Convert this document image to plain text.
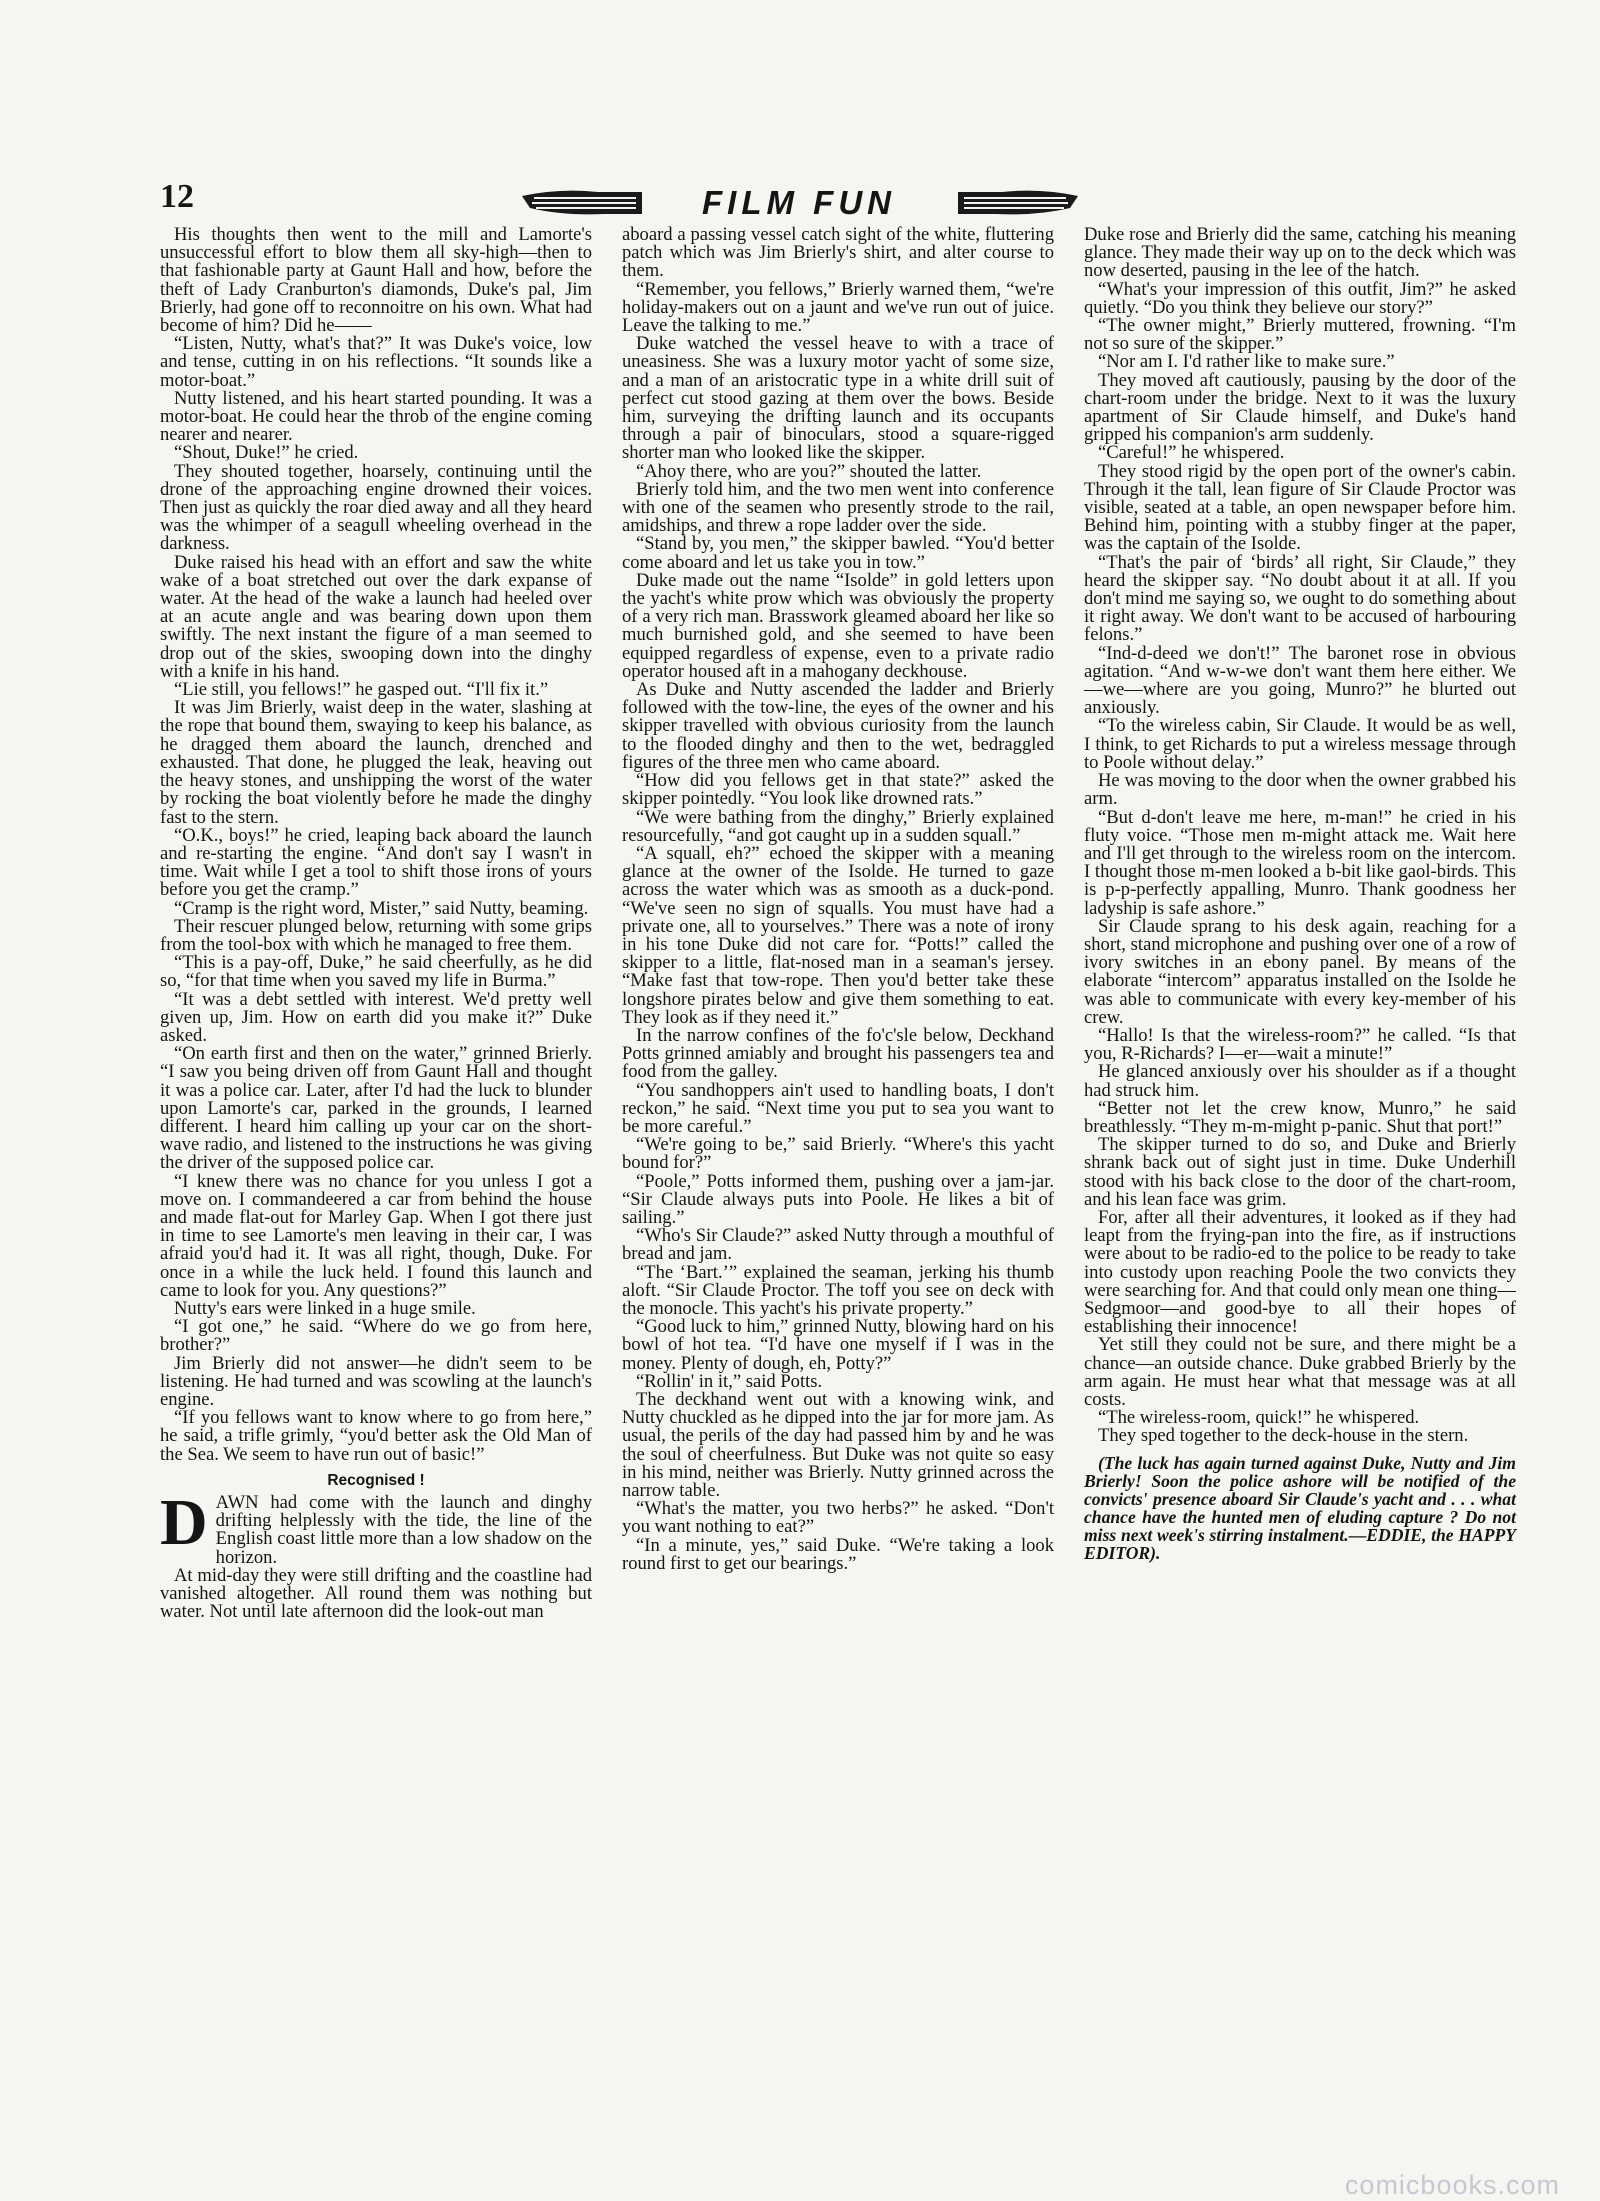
12	FILM FUN

His thoughts then went to the mill and Lamorte's unsuccessful effort to blow them all sky-high—then to that fashionable party at Gaunt Hall and how, before the theft of Lady Cranburton's diamonds, Duke's pal, Jim Brierly, had gone off to reconnoitre on his own. What had become of him? Did he——

“Listen, Nutty, what's that?” It was Duke's voice, low and tense, cutting in on his reflections. “It sounds like a motor-boat.”

Nutty listened, and his heart started pounding. It was a motor-boat. He could hear the throb of the engine coming nearer and nearer.

“Shout, Duke!” he cried.

They shouted together, hoarsely, continuing until the drone of the approaching engine drowned their voices. Then just as quickly the roar died away and all they heard was the whimper of a seagull wheeling overhead in the darkness.

Duke raised his head with an effort and saw the white wake of a boat stretched out over the dark expanse of water. At the head of the wake a launch had heeled over at an acute angle and was bearing down upon them swiftly. The next instant the figure of a man seemed to drop out of the skies, swooping down into the dinghy with a knife in his hand.

“Lie still, you fellows!” he gasped out. “I'll fix it.”

It was Jim Brierly, waist deep in the water, slashing at the rope that bound them, swaying to keep his balance, as he dragged them aboard the launch, drenched and exhausted. That done, he plugged the leak, heaving out the heavy stones, and unshipping the worst of the water by rocking the boat violently before he made the dinghy fast to the stern.

“O.K., boys!” he cried, leaping back aboard the launch and re-starting the engine. “And don't say I wasn't in time. Wait while I get a tool to shift those irons of yours before you get the cramp.”

“Cramp is the right word, Mister,” said Nutty, beaming.

Their rescuer plunged below, returning with some grips from the tool-box with which he managed to free them.

“This is a pay-off, Duke,” he said cheerfully, as he did so, “for that time when you saved my life in Burma.”

“It was a debt settled with interest. We'd pretty well given up, Jim. How on earth did you make it?” Duke asked.

“On earth first and then on the water,” grinned Brierly. “I saw you being driven off from Gaunt Hall and thought it was a police car. Later, after I'd had the luck to blunder upon Lamorte's car, parked in the grounds, I learned different. I heard him calling up your car on the short-wave radio, and listened to the instructions he was giving the driver of the supposed police car.

“I knew there was no chance for you unless I got a move on. I commandeered a car from behind the house and made flat-out for Marley Gap. When I got there just in time to see Lamorte's men leaving in their car, I was afraid you'd had it. It was all right, though, Duke. For once in a while the luck held. I found this launch and came to look for you. Any questions?”

Nutty's ears were linked in a huge smile.

“I got one,” he said. “Where do we go from here, brother?”

Jim Brierly did not answer—he didn't seem to be listening. He had turned and was scowling at the launch's engine.

“If you fellows want to know where to go from here,” he said, a trifle grimly, “you'd better ask the Old Man of the Sea. We seem to have run out of basic!”

Recognised !

DAWN had come with the launch and dinghy drifting helplessly with the tide, the line of the English coast little more than a low shadow on the horizon.

At mid-day they were still drifting and the coastline had vanished altogether. All round them was nothing but water. Not until late afternoon did the look-out man

aboard a passing vessel catch sight of the white, fluttering patch which was Jim Brierly's shirt, and alter course to them.

“Remember, you fellows,” Brierly warned them, “we're holiday-makers out on a jaunt and we've run out of juice. Leave the talking to me.”

Duke watched the vessel heave to with a trace of uneasiness. She was a luxury motor yacht of some size, and a man of an aristocratic type in a white drill suit of perfect cut stood gazing at them over the bows. Beside him, surveying the drifting launch and its occupants through a pair of binoculars, stood a square-rigged shorter man who looked like the skipper.

“Ahoy there, who are you?” shouted the latter.

Brierly told him, and the two men went into conference with one of the seamen who presently strode to the rail, amidships, and threw a rope ladder over the side.

“Stand by, you men,” the skipper bawled. “You'd better come aboard and let us take you in tow.”

Duke made out the name “Isolde” in gold letters upon the yacht's white prow which was obviously the property of a very rich man. Brasswork gleamed aboard her like so much burnished gold, and she seemed to have been equipped regardless of expense, even to a private radio operator housed aft in a mahogany deckhouse.

As Duke and Nutty ascended the ladder and Brierly followed with the tow-line, the eyes of the owner and his skipper travelled with obvious curiosity from the launch to the flooded dinghy and then to the wet, bedraggled figures of the three men who came aboard.

“How did you fellows get in that state?” asked the skipper pointedly. “You look like drowned rats.”

“We were bathing from the dinghy,” Brierly explained resourcefully, “and got caught up in a sudden squall.”

“A squall, eh?” echoed the skipper with a meaning glance at the owner of the Isolde. He turned to gaze across the water which was as smooth as a duck-pond. “We've seen no sign of squalls. You must have had a private one, all to yourselves.” There was a note of irony in his tone Duke did not care for. “Potts!” called the skipper to a little, flat-nosed man in a seaman's jersey. “Make fast that tow-rope. Then you'd better take these longshore pirates below and give them something to eat. They look as if they need it.”

In the narrow confines of the fo'c'sle below, Deckhand Potts grinned amiably and brought his passengers tea and food from the galley.

“You sandhoppers ain't used to handling boats, I don't reckon,” he said. “Next time you put to sea you want to be more careful.”

“We're going to be,” said Brierly. “Where's this yacht bound for?”

“Poole,” Potts informed them, pushing over a jam-jar. “Sir Claude always puts into Poole. He likes a bit of sailing.”

“Who's Sir Claude?” asked Nutty through a mouthful of bread and jam.

“The ‘Bart.’” explained the seaman, jerking his thumb aloft. “Sir Claude Proctor. The toff you see on deck with the monocle. This yacht's his private property.”

“Good luck to him,” grinned Nutty, blowing hard on his bowl of hot tea. “I'd have one myself if I was in the money. Plenty of dough, eh, Potty?”

“Rollin' in it,” said Potts.

The deckhand went out with a knowing wink, and Nutty chuckled as he dipped into the jar for more jam. As usual, the perils of the day had passed him by and he was the soul of cheerfulness. But Duke was not quite so easy in his mind, neither was Brierly. Nutty grinned across the narrow table.

“What's the matter, you two herbs?” he asked. “Don't you want nothing to eat?”

“In a minute, yes,” said Duke. “We're taking a look round first to get our bearings.”

Duke rose and Brierly did the same, catching his meaning glance. They made their way up on to the deck which was now deserted, pausing in the lee of the hatch.

“What's your impression of this outfit, Jim?” he asked quietly. “Do you think they believe our story?”

“The owner might,” Brierly muttered, frowning. “I'm not so sure of the skipper.”

“Nor am I. I'd rather like to make sure.”

They moved aft cautiously, pausing by the door of the chart-room under the bridge. Next to it was the luxury apartment of Sir Claude himself, and Duke's hand gripped his companion's arm suddenly.

“Careful!” he whispered.

They stood rigid by the open port of the owner's cabin. Through it the tall, lean figure of Sir Claude Proctor was visible, seated at a table, an open newspaper before him. Behind him, pointing with a stubby finger at the paper, was the captain of the Isolde.

“That's the pair of ‘birds’ all right, Sir Claude,” they heard the skipper say. “No doubt about it at all. If you don't mind me saying so, we ought to do something about it right away. We don't want to be accused of harbouring felons.”

“Ind-d-deed we don't!” The baronet rose in obvious agitation. “And w-w-we don't want them here either. We—we—where are you going, Munro?” he blurted out anxiously.

“To the wireless cabin, Sir Claude. It would be as well, I think, to get Richards to put a wireless message through to Poole without delay.”

He was moving to the door when the owner grabbed his arm.

“But d-don't leave me here, m-man!” he cried in his fluty voice. “Those men m-might attack me. Wait here and I'll get through to the wireless room on the intercom. I thought those m-men looked a b-bit like gaol-birds. This is p-p-perfectly appalling, Munro. Thank goodness her ladyship is safe ashore.”

Sir Claude sprang to his desk again, reaching for a short, stand microphone and pushing over one of a row of ivory switches in an ebony panel. By means of the elaborate “intercom” apparatus installed on the Isolde he was able to communicate with every key-member of his crew.

“Hallo! Is that the wireless-room?” he called. “Is that you, R-Richards? I—er—wait a minute!”

He glanced anxiously over his shoulder as if a thought had struck him.

“Better not let the crew know, Munro,” he said breathlessly. “They m-m-might p-panic. Shut that port!”

The skipper turned to do so, and Duke and Brierly shrank back out of sight just in time. Duke Underhill stood with his back close to the door of the chart-room, and his lean face was grim.

For, after all their adventures, it looked as if they had leapt from the frying-pan into the fire, as if instructions were about to be radio-ed to the police to be ready to take into custody upon reaching Poole the two convicts they were searching for. And that could only mean one thing—Sedgmoor—and good-bye to all their hopes of establishing their innocence!

Yet still they could not be sure, and there might be a chance—an outside chance. Duke grabbed Brierly by the arm again. He must hear what that message was at all costs.

“The wireless-room, quick!” he whispered.

They sped together to the deck-house in the stern.

(The luck has again turned against Duke, Nutty and Jim Brierly! Soon the police ashore will be notified of the convicts' presence aboard Sir Claude's yacht and . . . what chance have the hunted men of eluding capture ? Do not miss next week's stirring instalment.—EDDIE, the HAPPY EDITOR).

comicbooks.com
